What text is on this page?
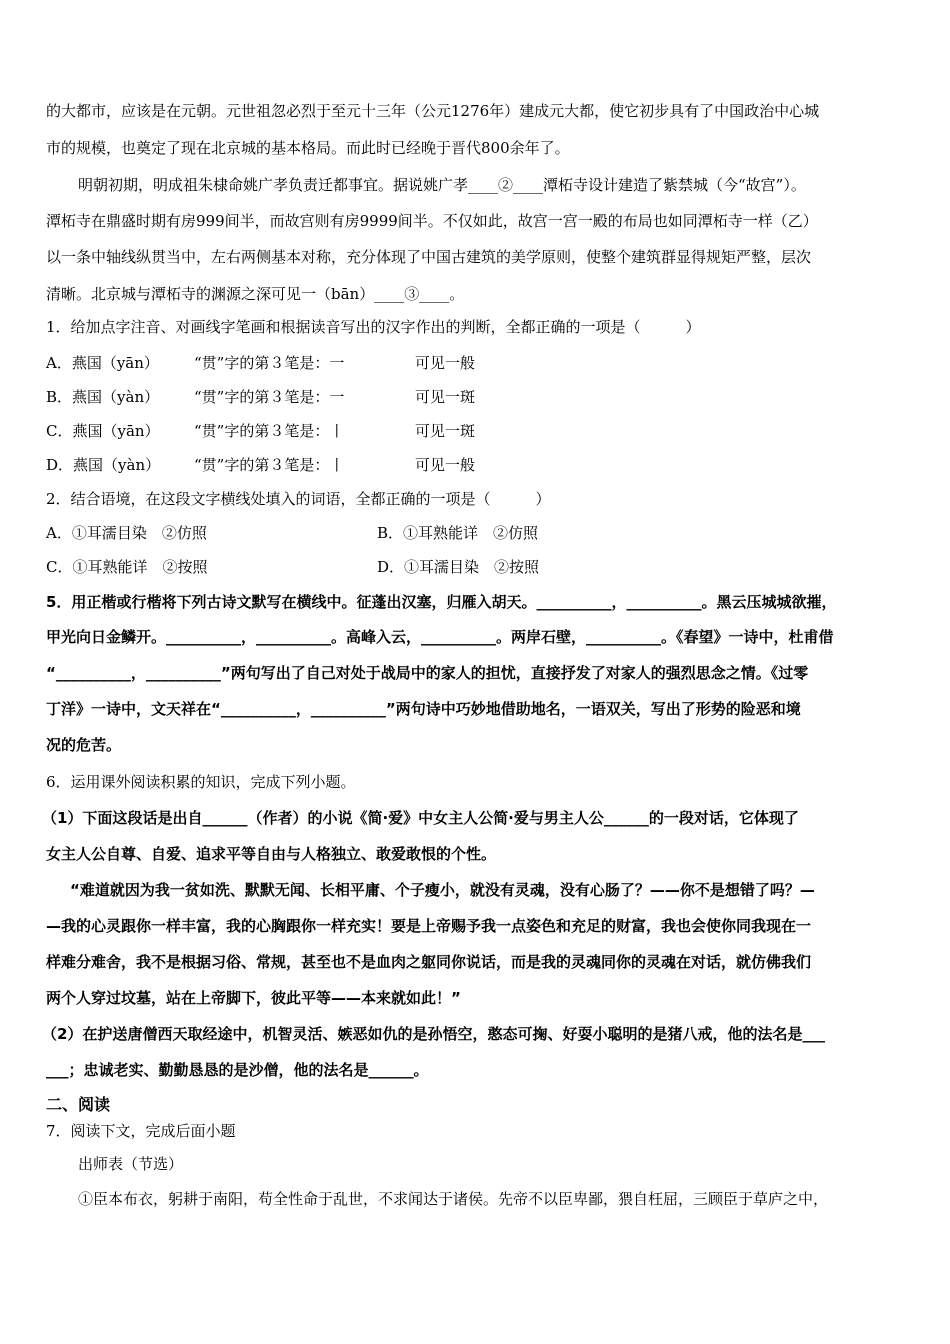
的大都市，应该是在元朝。元世祖忽必烈于至元十三年（公元1276年）建成元大都，使它初步具有了中国政治中心城
市的规模，也奠定了现在北京城的基本格局。而此时已经晚于晋代800余年了。
明朝初期，明成祖朱棣命姚广孝负责迁都事宜。据说姚广孝____②____潭柘寺设计建造了紫禁城（今“故宫”）。
潭柘寺在鼎盛时期有房999间半，而故宫则有房9999间半。不仅如此，故宫一宫一殿的布局也如同潭柘寺一样（乙）
以一条中轴线纵贯当中，左右两侧基本对称，充分体现了中国古建筑的美学原则，使整个建筑群显得规矩严整，层次
清晰。北京城与潭柘寺的渊源之深可见一（bān）____③____。
1．给加点字注音、对画线字笔画和根据读音写出的汉字作出的判断，全都正确的一项是（　　　）
A．燕国（yān） “贯”字的第３笔是：一	可见一般
B．燕国（yàn） “贯”字的第３笔是：一	可见一斑
C．燕国（yān） “贯”字的第３笔是：丨	可见一斑
D．燕国（yàn） “贯”字的第３笔是：丨	可见一般
2．结合语境，在这段文字横线处填入的词语，全都正确的一项是（　　　）
A．①耳濡目染　②仿照	B．①耳熟能详　②仿照
C．①耳熟能详　②按照	D．①耳濡目染　②按照
5．用正楷或行楷将下列古诗文默写在横线中。征蓬出汉塞，归雁入胡天。__________，__________。黑云压城城欲摧，
甲光向日金鳞开。__________，__________。高峰入云，__________。两岸石壁，__________。《春望》一诗中，杜甫借
“__________，__________”两句写出了自己对处于战局中的家人的担忧，直接抒发了对家人的强烈思念之情。《过零
丁洋》一诗中，文天祥在“__________，__________”两句诗中巧妙地借助地名，一语双关，写出了形势的险恶和境
况的危苦。
6．运用课外阅读积累的知识，完成下列小题。
（1）下面这段话是出自______（作者）的小说《简·爱》中女主人公简·爱与男主人公______的一段对话，它体现了
女主人公自尊、自爱、追求平等自由与人格独立、敢爱敢恨的个性。
“难道就因为我一贫如洗、默默无闻、长相平庸、个子瘦小，就没有灵魂，没有心肠了？——你不是想错了吗？—
—我的心灵跟你一样丰富，我的心胸跟你一样充实！要是上帝赐予我一点姿色和充足的财富，我也会使你同我现在一
样难分难舍，我不是根据习俗、常规，甚至也不是血肉之躯同你说话，而是我的灵魂同你的灵魂在对话，就仿佛我们
两个人穿过坟墓，站在上帝脚下，彼此平等——本来就如此！”
（2）在护送唐僧西天取经途中，机智灵活、嫉恶如仇的是孙悟空，憨态可掬、好耍小聪明的是猪八戒，他的法名是___
___；忠诚老实、勤勤恳恳的是沙僧，他的法名是______。
二、阅读
7．阅读下文，完成后面小题
出师表（节选）
①臣本布衣，躬耕于南阳，苟全性命于乱世，不求闻达于诸侯。先帝不以臣卑鄙，猥自枉屈，三顾臣于草庐之中，
